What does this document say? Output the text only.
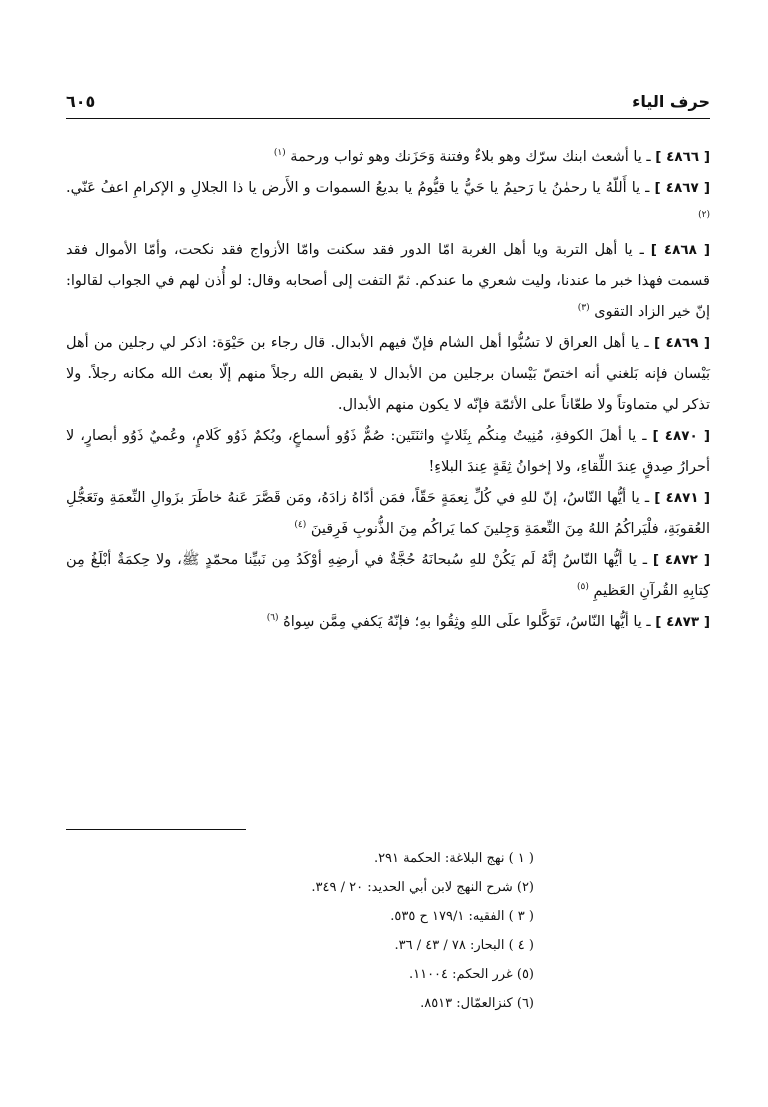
حرف الياء
٦٠٥

[ ٤٨٦٦ ] ـ يا أشعث ابنك سرّك وهو بلاءٌ وفتنة وَحَزَنك وهو ثواب ورحمة $^{(١)}$

[ ٤٨٦٧ ] ـ يا أَللّهُ يا رحمٰنُ يا رَحيمُ يا حَيُّ يا قيُّومُ يا بديعُ السموات و الأَرض يا ذا الجلالِ و الإكرامِ اعفُ عَنّي. $^{(٢)}$

[ ٤٨٦٨ ] ـ يا أهل التربة ويا أهل الغربة امّا الدور فقد سكنت وامّا الأزواج فقد نكحت، وأمّا الأموال فقد قسمت فهذا خبر ما عندنا، وليت شعري ما عندكم. ثمّ التفت إلى أصحابه وقال: لو أُذن لهم في الجواب لقالوا: إنّ خير الزاد التقوى $^{(٣)}$

[ ٤٨٦٩ ] ـ يا أهل العراق لا تسُبُّوا أهل الشام فإنّ فيهم الأبدال. قال رجاء بن حَيْوَة: اذكر لي رجلين من أهل بَيْسان فإنه بَلغني أنه اختصّ بَيْسان برجلين من الأبدال لا يقبض الله رجلاً منهم إلّا بعث الله مكانه رجلاً. ولا تذكر لي متماوتاً ولا طعّاناً على الأئمّة فإنّه لا يكون منهم الأبدال.

[ ٤٨٧٠ ] ـ يا أهلَ الكوفةِ، مُنِيتُ مِنكُم بِثَلاثٍ واثنَتَين: صُمٌّ ذَوُو أسماعٍ، وبُكمٌ ذَوُو كَلامٍ، وعُميٌ ذَوُو أبصارٍ، لا أحرارُ صِدقٍ عِندَ اللِّقاءِ، ولا إخوانُ ثِقَةٍ عِندَ البلاءِ!

[ ٤٨٧١ ] ـ يا أيُّها النّاسُ، إنّ للهِ في كُلِّ نِعمَةٍ حَقّاً، فمَن أدّاهُ زادَهُ، ومَن قَصَّرَ عَنهُ خاطَرَ بزَوالِ النِّعمَةِ وتَعَجُّلِ العُقوبَةِ، فلْيَراكُمُ اللهُ مِنَ النِّعمَةِ وَجِلينَ كما يَراكُم مِنَ الذُّنوبِ فَرِقينَ $^{(٤)}$

[ ٤٨٧٢ ] ـ يا أيُّها النّاسُ إنَّهُ لَم يَكُنْ للهِ سُبحانَهُ حُجَّةٌ في أرضِهِ أوْكَدُ مِن نَبيِّنا محمّدٍ ﷺ، ولا حِكمَةٌ أبْلَغُ مِن كِتابِهِ القُرآنِ العَظيمِ $^{(٥)}$

[ ٤٨٧٣ ] ـ يا أيُّها النّاسُ، تَوَكَّلوا علَى اللهِ وثِقُوا بهِ؛ فإنّهُ يَكفي مِمَّن سِواهُ $^{(٦)}$

( ١ ) نهج البلاغة: الحكمة ٢٩١.
(٢) شرح النهج لابن أبي الحديد: ٢٠ / ٣٤٩.
( ٣ ) الفقيه: ١٧٩/١ ح ٥٣٥.
( ٤ ) البحار: ٧٨ / ٤٣ / ٣٦.
(٥) غرر الحكم: ١١٠٠٤.
(٦) كنزالعمّال: ٨٥١٣.
